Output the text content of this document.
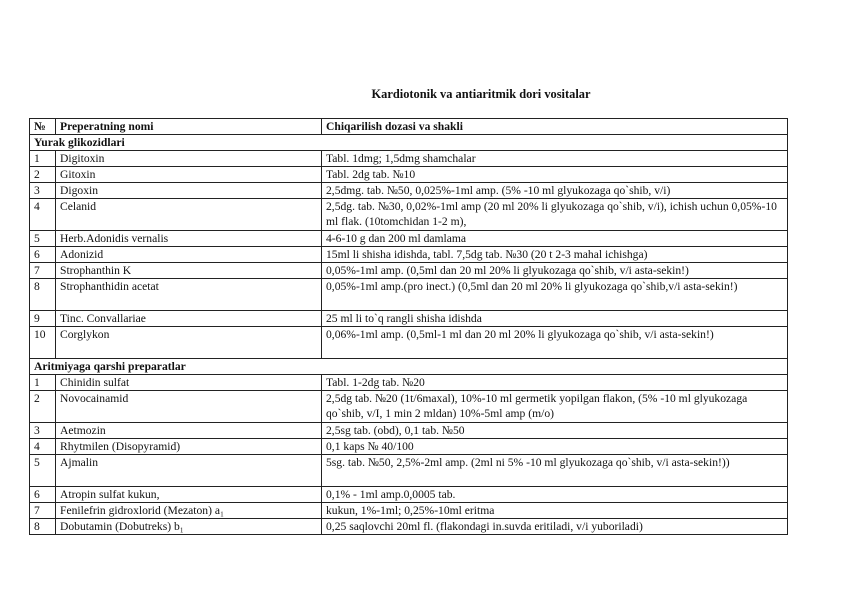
Kardiotonik va antiaritmik dori vositalar
№	Preperatning nomi	Chiqarilish dozasi va shakli
Yurak glikozidlari		
1	Digitoxin	Tabl. 1dmg; 1,5dmg shamchalar
2	Gitoxin	Tabl. 2dg tab. №10
3	Digoxin	2,5dmg. tab. №50, 0,025%-1ml amp. (5% -10 ml glyukozaga qo`shib, v/i)
4	Celanid	2,5dg. tab. №30, 0,02%-1ml amp (20 ml 20% li glyukozaga qo`shib, v/i), ichish uchun 0,05%-10 ml flak. (10tomchidan 1-2 m),
5	Herb.Adonidis vernalis	4-6-10 g dan 200 ml damlama
6	Adonizid	15ml li shisha idishda, tabl. 7,5dg tab. №30 (20 t 2-3 mahal ichishga)
7	Strophanthin K	0,05%-1ml amp. (0,5ml dan 20 ml 20% li glyukozaga qo`shib, v/i asta-sekin!)
8	Strophanthidin acetat	0,05%-1ml amp.(pro inect.) (0,5ml dan 20 ml 20% li glyukozaga qo`shib,v/i asta-sekin!)
9	Tinc. Convallariae	25 ml li to`q rangli shisha idishda
10	Corglykon	0,06%-1ml amp. (0,5ml-1 ml dan 20 ml 20% li glyukozaga qo`shib, v/i asta-sekin!)
Aritmiyaga qarshi preparatlar		
1	Chinidin sulfat	Tabl. 1-2dg tab. №20
2	Novocainamid	2,5dg tab. №20 (1t/6maxal), 10%-10 ml germetik yopilgan flakon, (5% -10 ml glyukozaga qo`shib, v/I, 1 min 2 mldan) 10%-5ml amp (m/o)
3	Aetmozin	2,5sg tab. (obd), 0,1 tab. №50
4	Rhytmilen (Disopyramid)	0,1 kaps № 40/100
5	Ajmalin	5sg. tab. №50, 2,5%-2ml amp. (2ml ni 5% -10 ml glyukozaga qo`shib, v/i asta-sekin!))
6	Atropin sulfat kukun,	0,1% - 1ml amp.0,0005 tab.
7	Fenilefrin gidroxlorid (Mezaton) a₁	kukun, 1%-1ml; 0,25%-10ml eritma
8	Dobutamin (Dobutreks) b₁	0,25 saqlovchi 20ml fl. (flakondagi in.suvda eritiladi, v/i yuboriladi)
